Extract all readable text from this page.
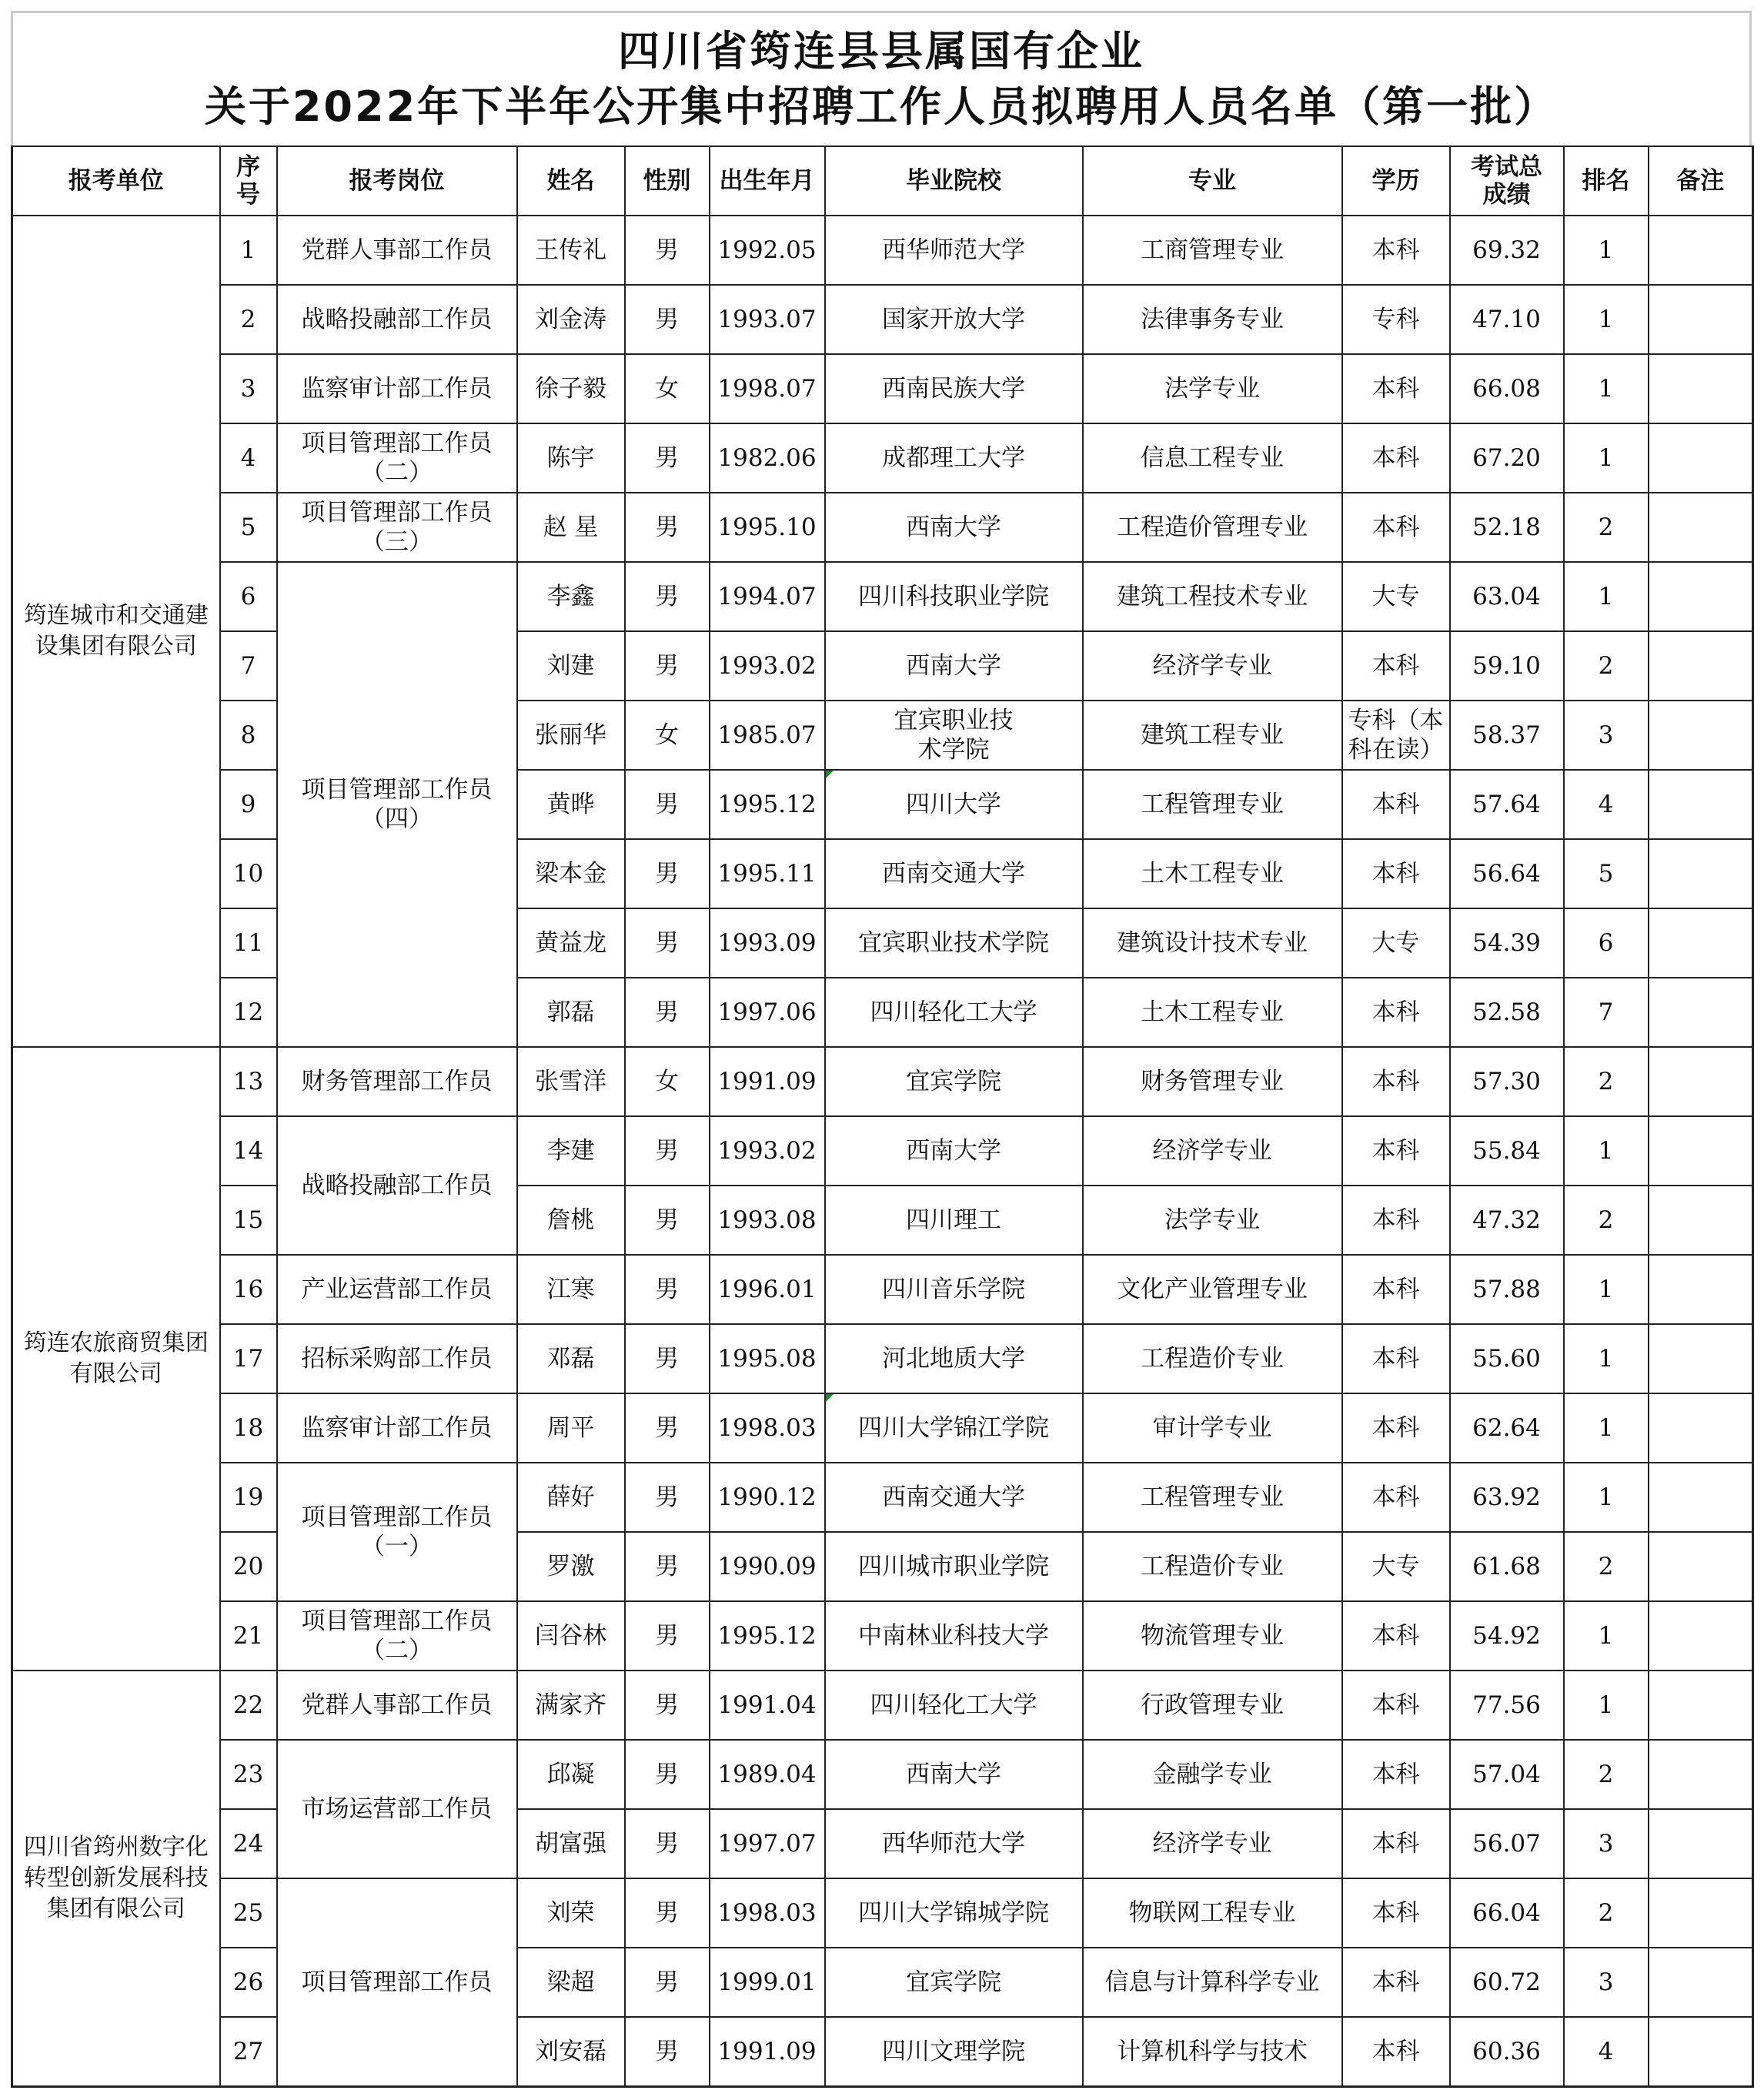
四川省筠连县县属国有企业
关于2022年下半年公开集中招聘工作人员拟聘用人员名单（第一批）
报考单位	序号	报考岗位	姓名	性别	出生年月	毕业院校	专业	学历	考试总成绩	排名	备注
筠连城市和交通建设集团有限公司	1	党群人事部工作员	王传礼	男	1992.05	西华师范大学	工商管理专业	本科	69.32	1	
	2	战略投融部工作员	刘金涛	男	1993.07	国家开放大学	法律事务专业	专科	47.10	1	
	3	监察审计部工作员	徐子毅	女	1998.07	西南民族大学	法学专业	本科	66.08	1	
	4	项目管理部工作员（二）	陈宇	男	1982.06	成都理工大学	信息工程专业	本科	67.20	1	
	5	项目管理部工作员（三）	赵 星	男	1995.10	西南大学	工程造价管理专业	本科	52.18	2	
	6	项目管理部工作员（四）	李鑫	男	1994.07	四川科技职业学院	建筑工程技术专业	大专	63.04	1	
	7		刘建	男	1993.02	西南大学	经济学专业	本科	59.10	2	
	8		张丽华	女	1985.07	宜宾职业技术学院	建筑工程专业	专科（本科在读）	58.37	3	
	9		黄晔	男	1995.12	四川大学	工程管理专业	本科	57.64	4	
	10		梁本金	男	1995.11	西南交通大学	土木工程专业	本科	56.64	5	
	11		黄益龙	男	1993.09	宜宾职业技术学院	建筑设计技术专业	大专	54.39	6	
	12		郭磊	男	1997.06	四川轻化工大学	土木工程专业	本科	52.58	7	
筠连农旅商贸集团有限公司	13	财务管理部工作员	张雪洋	女	1991.09	宜宾学院	财务管理专业	本科	57.30	2	
	14	战略投融部工作员	李建	男	1993.02	西南大学	经济学专业	本科	55.84	1	
	15		詹桃	男	1993.08	四川理工	法学专业	本科	47.32	2	
	16	产业运营部工作员	江寒	男	1996.01	四川音乐学院	文化产业管理专业	本科	57.88	1	
	17	招标采购部工作员	邓磊	男	1995.08	河北地质大学	工程造价专业	本科	55.60	1	
	18	监察审计部工作员	周平	男	1998.03	四川大学锦江学院	审计学专业	本科	62.64	1	
	19	项目管理部工作员（一）	薛好	男	1990.12	西南交通大学	工程管理专业	本科	63.92	1	
	20		罗激	男	1990.09	四川城市职业学院	工程造价专业	大专	61.68	2	
	21	项目管理部工作员（二）	闫谷林	男	1995.12	中南林业科技大学	物流管理专业	本科	54.92	1	
四川省筠州数字化转型创新发展科技集团有限公司	22	党群人事部工作员	满家齐	男	1991.04	四川轻化工大学	行政管理专业	本科	77.56	1	
	23	市场运营部工作员	邱凝	男	1989.04	西南大学	金融学专业	本科	57.04	2	
	24		胡富强	男	1997.07	西华师范大学	经济学专业	本科	56.07	3	
	25	项目管理部工作员	刘荣	男	1998.03	四川大学锦城学院	物联网工程专业	本科	66.04	2	
	26		梁超	男	1999.01	宜宾学院	信息与计算科学专业	本科	60.72	3	
	27		刘安磊	男	1991.09	四川文理学院	计算机科学与技术	本科	60.36	4	
